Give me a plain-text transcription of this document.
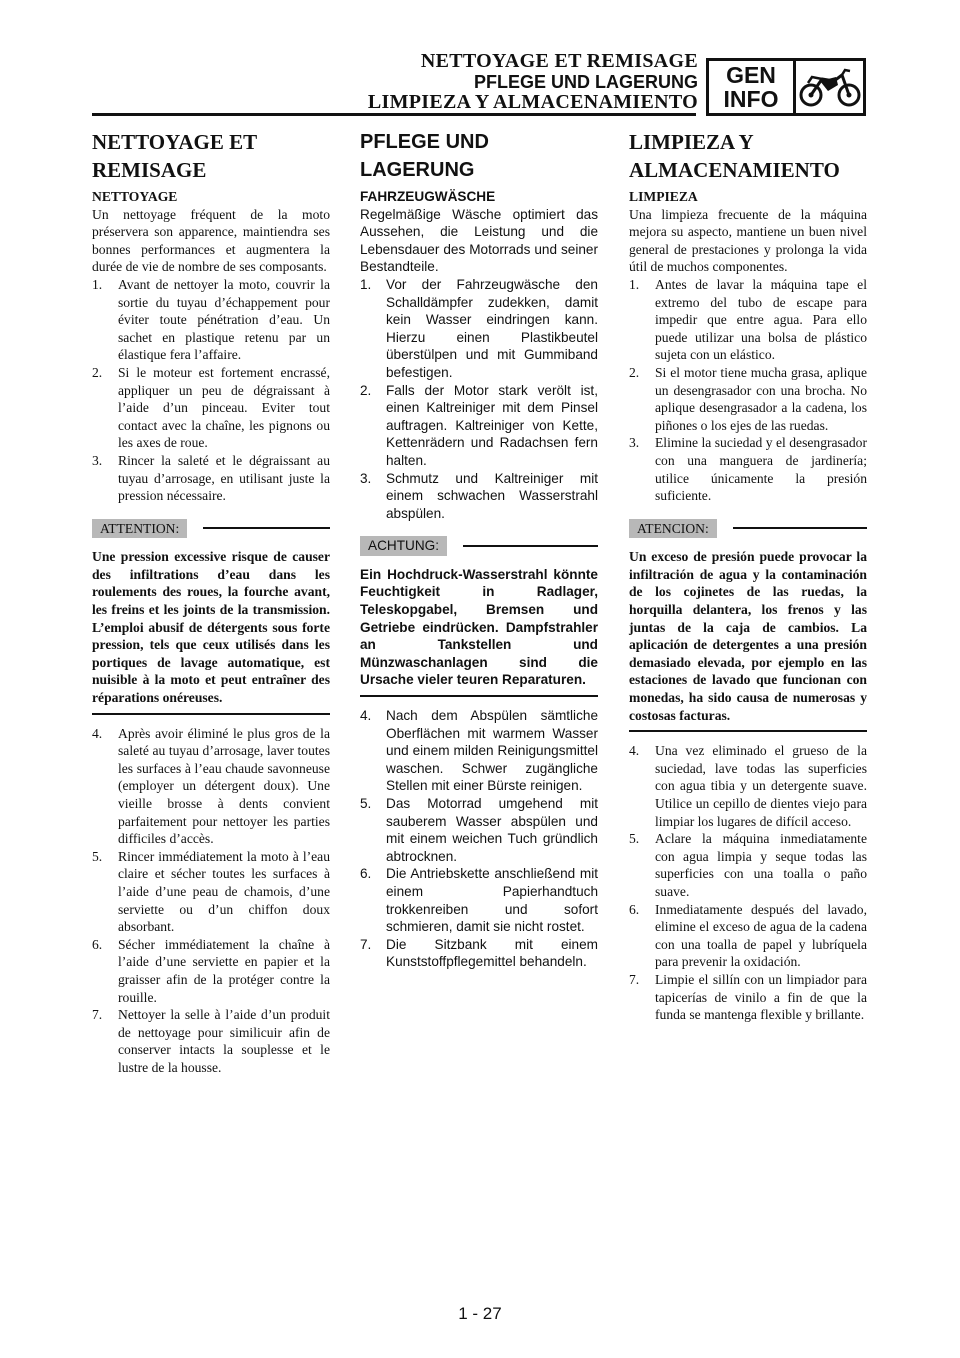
NETTOYAGE ET REMISAGE
PFLEGE UND LAGERUNG
LIMPIEZA Y ALMACENAMIENTO
GEN
INFO
NETTOYAGE ET
REMISAGE
NETTOYAGE

Un nettoyage fréquent de la moto préservera son apparence, maintiendra ses bonnes performances et augmentera la durée de vie de nombre de ses composants.

1.	Avant de nettoyer la moto, couvrir la sortie du tuyau d’échappement pour éviter toute pénétration d’eau. Un sachet en plastique retenu par un élastique fera l’affaire.
2.	Si le moteur est fortement encrassé, appliquer un peu de dégraissant à l’aide d’un pinceau. Eviter tout contact avec la chaîne, les pignons ou les axes de roue.
3.	Rincer la saleté et le dégraissant au tuyau d’arrosage, en utilisant juste la pression nécessaire.
ATTENTION:
Une pression excessive risque de causer des infiltrations d’eau dans les roulements des roues, la fourche avant, les freins et les joints de la transmission. L’emploi abusif de détergents sous forte pression, tels que ceux utilisés dans les portiques de lavage automatique, est nuisible à la moto et peut entraîner des réparations onéreuses.
4.	Après avoir éliminé le plus gros de la saleté au tuyau d’arrosage, laver toutes les surfaces à l’eau chaude savonneuse (employer un détergent doux). Une vieille brosse à dents convient parfaitement pour nettoyer les parties difficiles d’accès.
5.	Rincer immédiatement la moto à l’eau claire et sécher toutes les surfaces à l’aide d’une peau de chamois, d’une serviette ou d’un chiffon doux absorbant.
6.	Sécher immédiatement la chaîne à l’aide d’une serviette en papier et la graisser afin de la protéger contre la rouille.
7.	Nettoyer la selle à l’aide d’un produit de nettoyage pour similicuir afin de conserver intacts la souplesse et le lustre de la housse.
PFLEGE UND
LAGERUNG
FAHRZEUGWÄSCHE

Regelmäßige Wäsche optimiert das Aussehen, die Leistung und die Lebensdauer des Motorrads und seiner Bestandteile.

1.	Vor der Fahrzeugwäsche den Schalldämpfer zudekken, damit kein Wasser eindringen kann. Hierzu einen Plastikbeutel überstülpen und mit Gummiband befestigen.
2.	Falls der Motor stark verölt ist, einen Kaltreiniger mit dem Pinsel auftragen. Kaltreiniger von Kette, Kettenrädern und Radachsen fern halten.
3.	Schmutz und Kaltreiniger mit einem schwachen Wasserstrahl abspülen.
ACHTUNG:
Ein Hochdruck-Wasserstrahl könnte Feuchtigkeit in Radlager, Teleskopgabel, Bremsen und Getriebe eindrücken. Dampfstrahler an Tankstellen und Münzwaschanlagen sind die Ursache vieler teuren Reparaturen.
4.	Nach dem Abspülen sämtliche Oberflächen mit warmem Wasser und einem milden Reinigungsmittel waschen. Schwer zugängliche Stellen mit einer Bürste reinigen.
5.	Das Motorrad umgehend mit sauberem Wasser abspülen und mit einem weichen Tuch gründlich abtrocknen.
6.	Die Antriebskette anschließend mit einem Papierhandtuch trokkenreiben und sofort schmieren, damit sie nicht rostet.
7.	Die Sitzbank mit einem Kunststoffpflegemittel behandeln.
LIMPIEZA Y
ALMACENAMIENTO
LIMPIEZA

Una limpieza frecuente de la máquina mejora su aspecto, mantiene un buen nivel general de prestaciones y prolonga la vida útil de muchos componentes.

1.	Antes de lavar la máquina tape el extremo del tubo de escape para impedir que entre agua. Para ello puede utilizar una bolsa de plástico sujeta con un elástico.
2.	Si el motor tiene mucha grasa, aplique un desengrasador con una brocha. No aplique desengrasador a la cadena, los piñones o los ejes de las ruedas.
3.	Elimine la suciedad y el desengrasador con una manguera de jardinería; utilice únicamente la presión suficiente.
ATENCION:
Un exceso de presión puede provocar la infiltración de agua y la contaminación de los cojinetes de las ruedas, la horquilla delantera, los frenos y las juntas de la caja de cambios. La aplicación de detergentes a una presión demasiado elevada, por ejemplo en las estaciones de lavado que funcionan con monedas, ha sido causa de numerosas y costosas facturas.
4.	Una vez eliminado el grueso de la suciedad, lave todas las superficies con agua tibia y un detergente suave. Utilice un cepillo de dientes viejo para limpiar los lugares de difícil acceso.
5.	Aclare la máquina inmediatamente con agua limpia y seque todas las superficies con una toalla o paño suave.
6.	Inmediatamente después del lavado, elimine el exceso de agua de la cadena con una toalla de papel y lubríquela para prevenir la oxidación.
7.	Limpie el sillín con un limpiador para tapicerías de vinilo a fin de que la funda se mantenga flexible y brillante.
1 - 27
